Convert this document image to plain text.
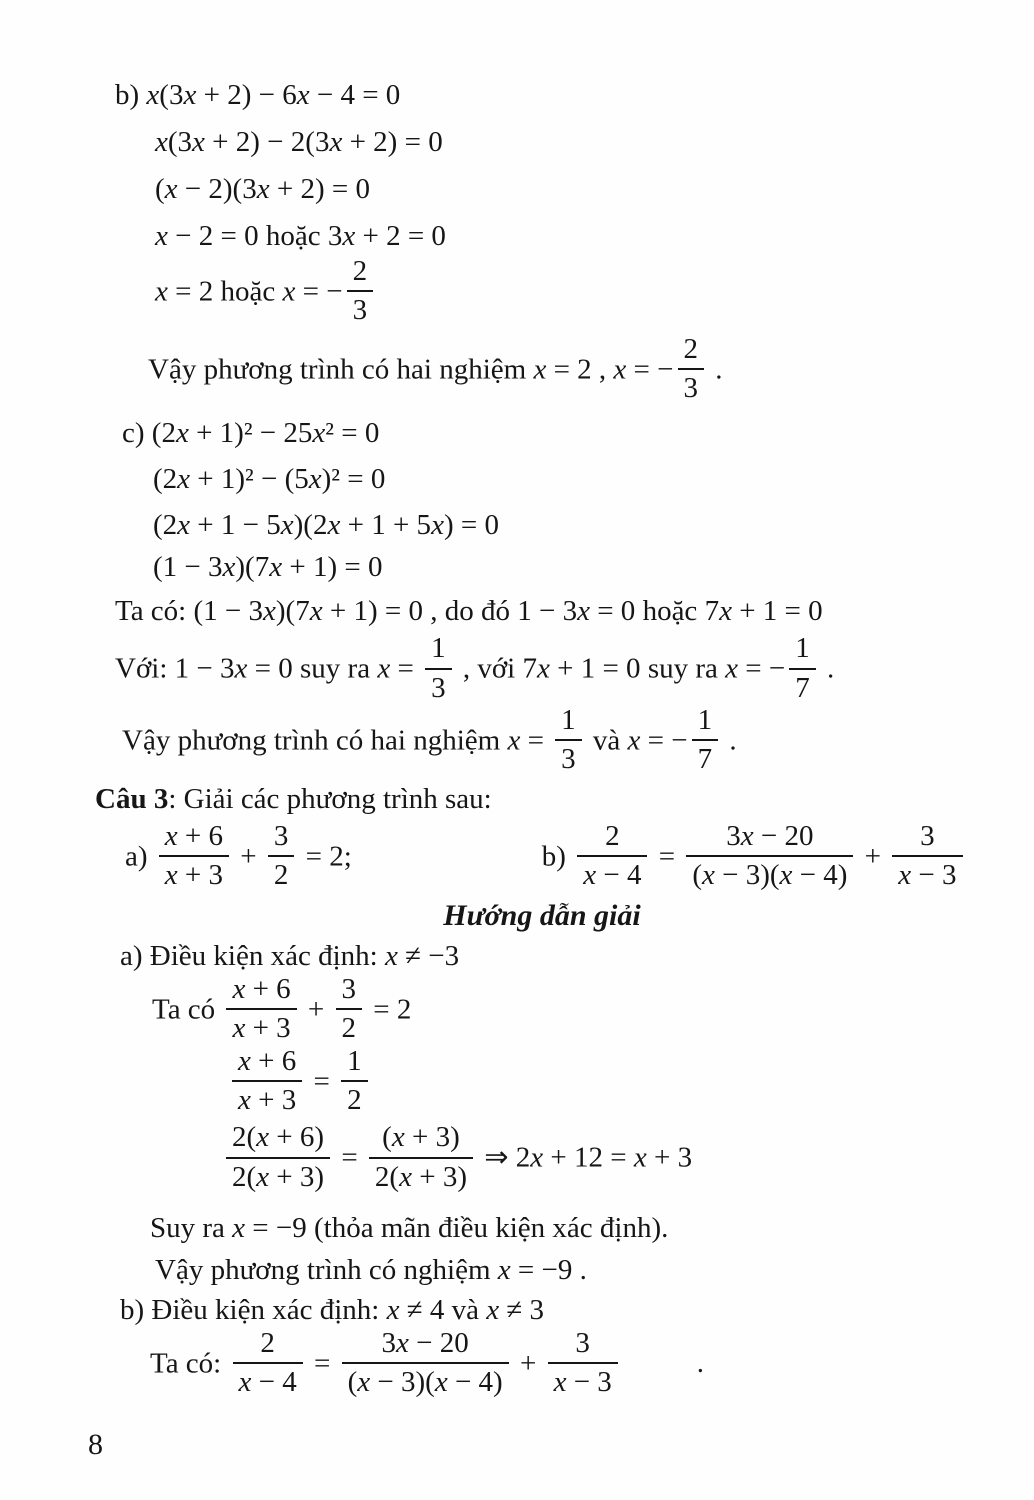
b) x(3x + 2) − 6x − 4 = 0
x(3x + 2) − 2(3x + 2) = 0
(x − 2)(3x + 2) = 0
x − 2 = 0 hoặc 3x + 2 = 0
x = 2 hoặc x = − $\frac{2}{3}$
Vậy phương trình có hai nghiệm x = 2 , x = − $\frac{2}{3}$ .
c) (2x + 1)² − 25x² = 0
(2x + 1)² − (5x)² = 0
(2x + 1 − 5x)(2x + 1 + 5x) = 0
(1 − 3x)(7x + 1) = 0
Ta có: (1 − 3x)(7x + 1) = 0 , do đó 1 − 3x = 0 hoặc 7x + 1 = 0
Với: 1 − 3x = 0 suy ra $x = \frac{1}{3}$ , với 7x + 1 = 0 suy ra x = − $\frac{1}{7}$ .
Vậy phương trình có hai nghiệm $x = \frac{1}{3}$ và x = − $\frac{1}{7}$ .
Câu 3: Giải các phương trình sau:
$a) \frac{x + 6}{x + 3} + \frac{3}{2} = 2$;	$b) \frac{2}{x - 4} = \frac{3x - 20}{(x - 3)(x - 4)} + \frac{3}{x - 3}$
Hướng dẫn giải
a) Điều kiện xác định: x ≠ −3
Ta có $\frac{x + 6}{x + 3} + \frac{3}{2} = 2$
$\frac{x + 6}{x + 3} = \frac{1}{2}$
$\frac{2(x + 6)}{2(x + 3)} = \frac{(x + 3)}{2(x + 3)}$ ⇒ 2x + 12 = x + 3
Suy ra x = −9 (thỏa mãn điều kiện xác định).
Vậy phương trình có nghiệm x = −9 .
b) Điều kiện xác định: x ≠ 4 và x ≠ 3
Ta có: $\frac{2}{x - 4} = \frac{3x - 20}{(x - 3)(x - 4)} + \frac{3}{x - 3}$	.
8
